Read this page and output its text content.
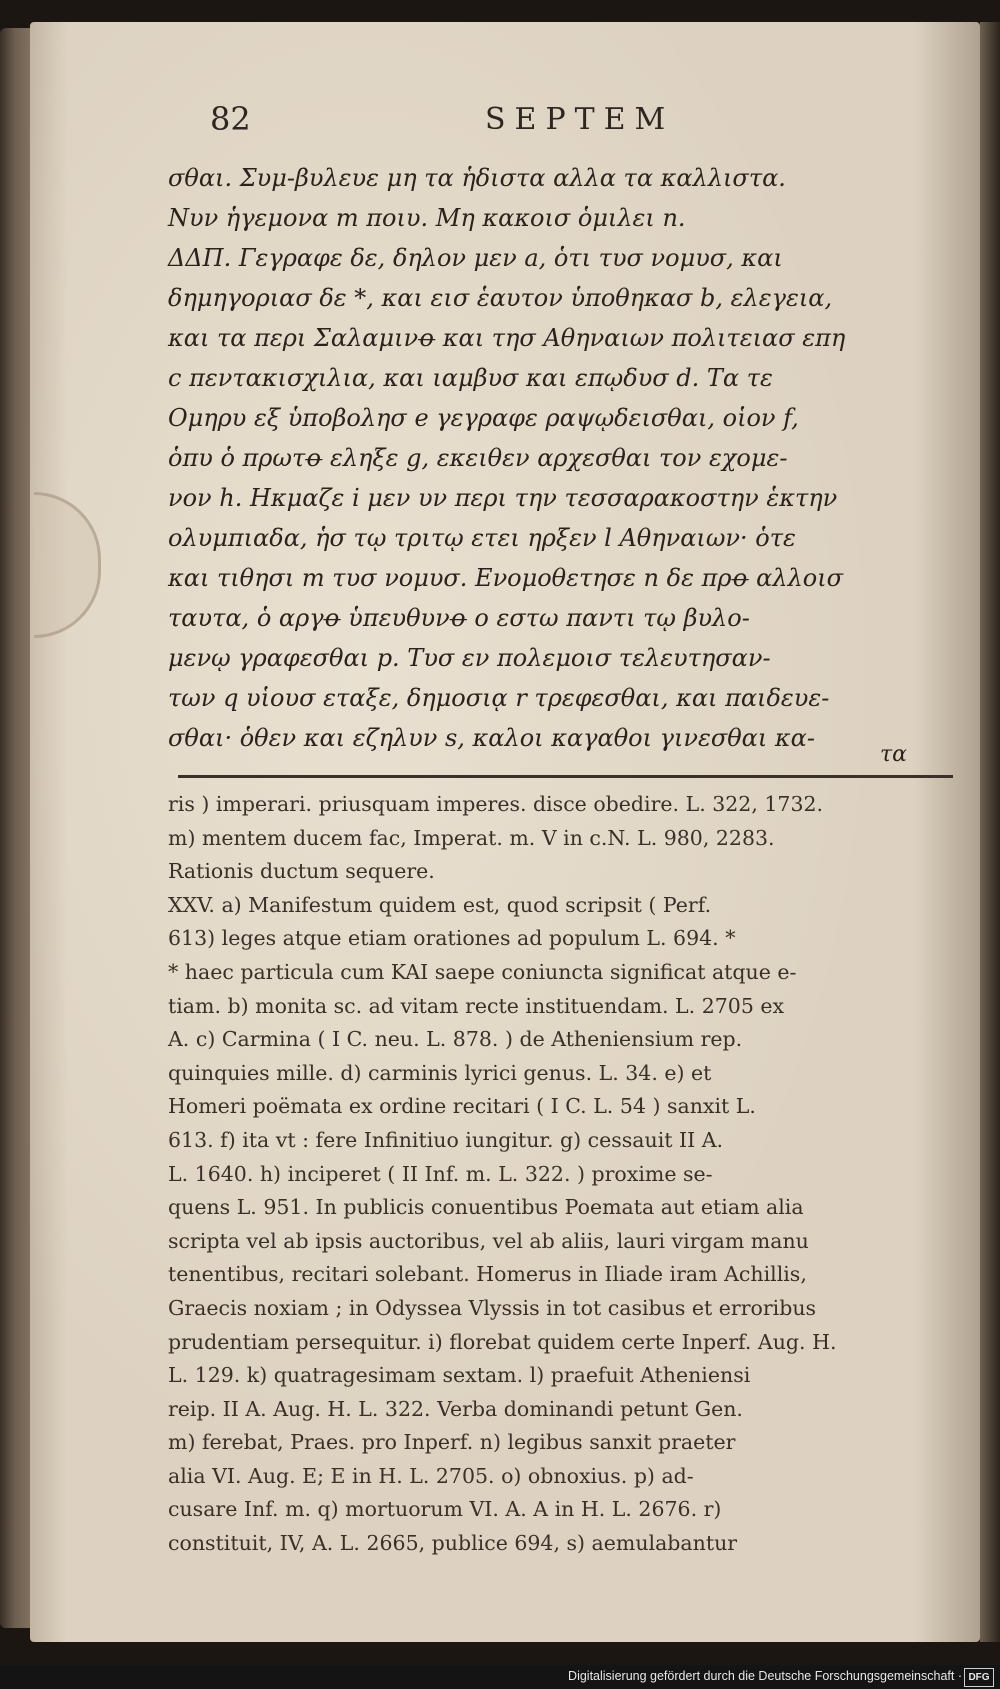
82	SEPTEM
σθαι. Συμ-βυλευε μη τα ἡδιστα αλλα τα καλλιστα.
Νυν ἡγεμονα m ποιυ. Μη κακοισ ὁμιλει n.
ΔΔΠ. Γεγραφε δε, δηλον μεν a, ὁτι τυσ νομυσ, και
δημηγοριασ δε *, και εισ ἑαυτον ὑποθηκασ b, ελεγεια,
και τα περι Σαλαμινꝋ και τησ Αθηναιων πολιτειασ επη
c πεντακισχιλια, και ιαμβυσ και επῳδυσ d. Τα τε
Ομηρυ εξ ὑποβολησ e γεγραφε ραψῳδεισθαι, οἱον f,
ὁπυ ὁ πρωτꝋ εληξε g, εκειθεν αρχεσθαι τον εχομε-
νον h. Ηκμαζε i μεν υν περι την τεσσαρακοστην ἑκτην
ολυμπιαδα, ἡσ τῳ τριτῳ ετει ηρξεν l Αθηναιων· ὁτε
και τιθησι m τυσ νομυσ. Ενομοθετησε n δε πρꝋ αλλοισ
ταυτα, ὁ αργꝋ ὑπευθυνꝋ o εστω παντι τῳ βυλο-
μενῳ γραφεσθαι p. Τυσ εν πολεμοισ τελευτησαν-
των q υἱουσ εταξε, δημοσιᾳ r τρεφεσθαι, και παιδευε-
σθαι· ὁθεν και εζηλυν s, καλοι καγαθοι γινεσθαι κα-
τα
ris ) imperari. priusquam imperes. disce obedire. L. 322, 1732.
m) mentem ducem fac, Imperat. m. V in ᴄ.N. L. 980, 2283.
Rationis ductum sequere.
XXV. a) Manifestum quidem est, quod scripsit ( Perf.
613) leges atque etiam orationes ad populum L. 694. *
* haec particula cum KAI saepe coniuncta significat atque e-
tiam. b) monita sc. ad vitam recte instituendam. L. 2705 ex
A. c) Carmina ( I C. neu. L. 878. ) de Atheniensium rep.
quinquies mille. d) carminis lyrici genus. L. 34. e) et
Homeri poëmata ex ordine recitari ( I C. L. 54 ) sanxit L.
613. f) ita vt : fere Infinitiuo iungitur. g) cessauit II A.
L. 1640. h) inciperet ( II Inf. m. L. 322. ) proxime se-
quens L. 951. In publicis conuentibus Poemata aut etiam alia
scripta vel ab ipsis auctoribus, vel ab aliis, lauri virgam manu
tenentibus, recitari solebant. Homerus in Iliade iram Achillis,
Graecis noxiam ; in Odyssea Vlyssis in tot casibus et erroribus
prudentiam persequitur. i) florebat quidem certe Inperf. Aug. H.
L. 129. k) quatragesimam sextam. l) praefuit Atheniensi
reip. II A. Aug. H. L. 322. Verba dominandi petunt Gen.
m) ferebat, Praes. pro Inperf. n) legibus sanxit praeter
alia VI. Aug. E; E in H. L. 2705. o) obnoxius. p) ad-
cusare Inf. m. q) mortuorum VI. A. A in H. L. 2676. r)
constituit, IV, A. L. 2665, publice 694, s) aemulabantur
Digitalisierung gefördert durch die Deutsche Forschungsgemeinschaft · DFG
